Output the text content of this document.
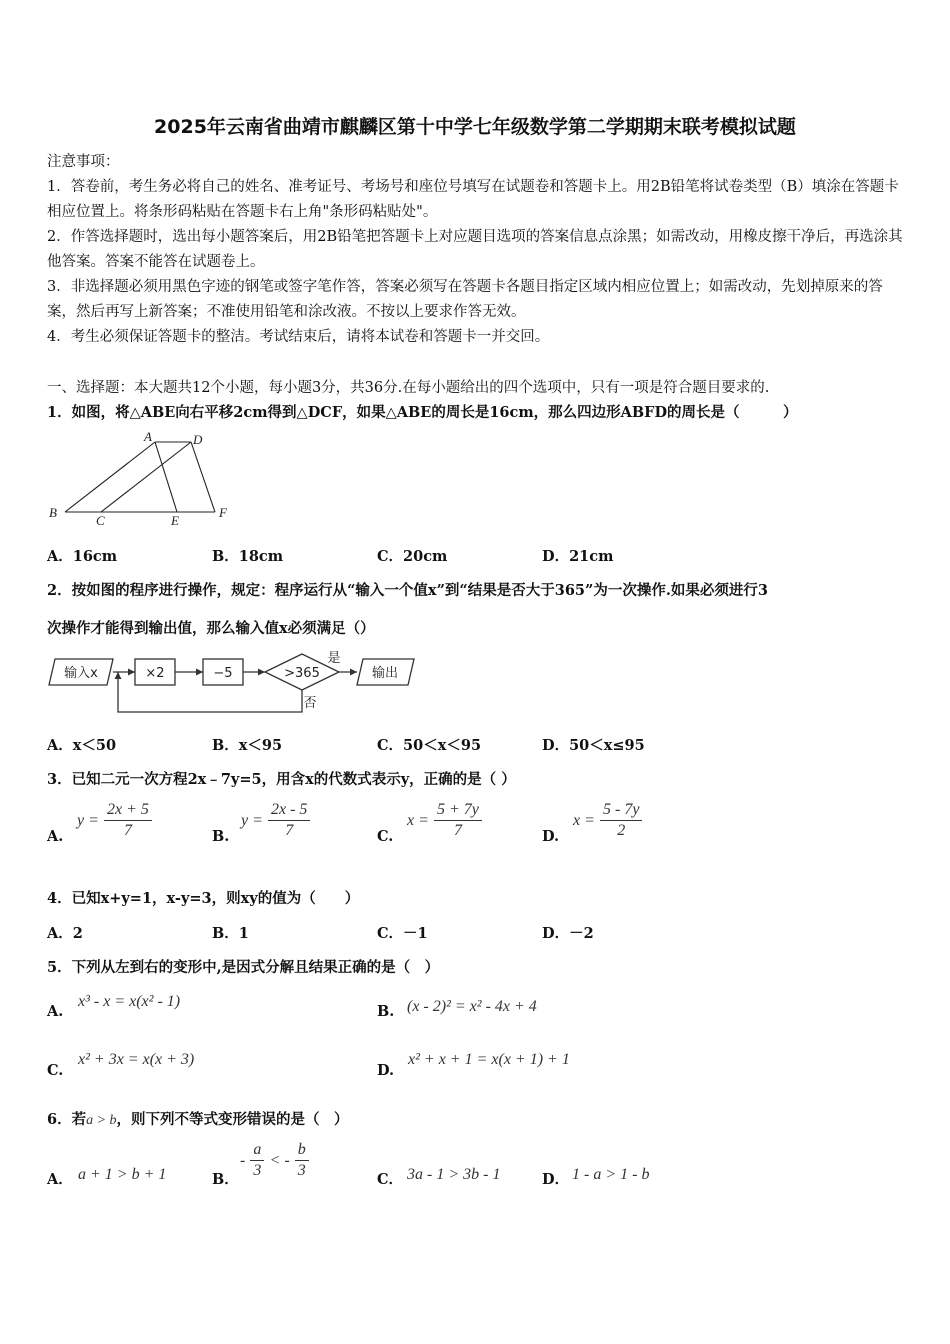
2025年云南省曲靖市麒麟区第十中学七年级数学第二学期期末联考模拟试题
注意事项：
1．答卷前，考生务必将自己的姓名、准考证号、考场号和座位号填写在试题卷和答题卡上。用2B铅笔将试卷类型（B）填涂在答题卡相应位置上。将条形码粘贴在答题卡右上角"条形码粘贴处"。
2．作答选择题时，选出每小题答案后，用2B铅笔把答题卡上对应题目选项的答案信息点涂黑；如需改动，用橡皮擦干净后，再选涂其他答案。答案不能答在试题卷上。
3．非选择题必须用黑色字迹的钢笔或签字笔作答，答案必须写在答题卡各题目指定区域内相应位置上；如需改动，先划掉原来的答案，然后再写上新答案；不准使用铅笔和涂改液。不按以上要求作答无效。
4．考生必须保证答题卡的整洁。考试结束后，请将本试卷和答题卡一并交回。
一、选择题：本大题共12个小题，每小题3分，共36分.在每小题给出的四个选项中，只有一项是符合题目要求的.
1．如图，将△ABE向右平移2cm得到△DCF，如果△ABE的周长是16cm，那么四边形ABFD的周长是（　　　）
A	D
B
C	E
F
A．16cm	B．18cm	C．20cm	D．21cm
2．按如图的程序进行操作，规定：程序运行从“输入一个值x”到“结果是否大于365”为一次操作.如果必须进行3
次操作才能得到输出值，那么输入值x必须满足（）
输入x	×2	−5	>365
是
输出
否
A．x＜50	B．x＜95	C．50＜x＜95	D．50＜x≤95
3．已知二元一次方程2x﹣7y=5，用含x的代数式表示y，正确的是（ ）
A.
$y = \frac{2x + 5}{7}$	B.
$y = \frac{2x - 5}{7}$	C.
$x = \frac{5 + 7y}{7}$	D.
$x = \frac{5 - 7y}{2}$
4．已知x+y=1，x-y=3，则xy的值为（　　）
A．2	B．1	C．－1	D．－2
5．下列从左到右的变形中,是因式分解且结果正确的是（　）
A.
x³ - x = x(x² - 1)
B. (x - 2)² = x² - 4x + 4
C.
x² + 3x = x(x + 3)
D.
x² + x + 1 = x(x + 1) + 1
6．若a > b，则下列不等式变形错误的是（　）
A． a + 1 > b + 1	B．
- $\frac{a}{3}$ < - $\frac{b}{3}$	C． 3a - 1 > 3b - 1	D． 1 - a > 1 - b
